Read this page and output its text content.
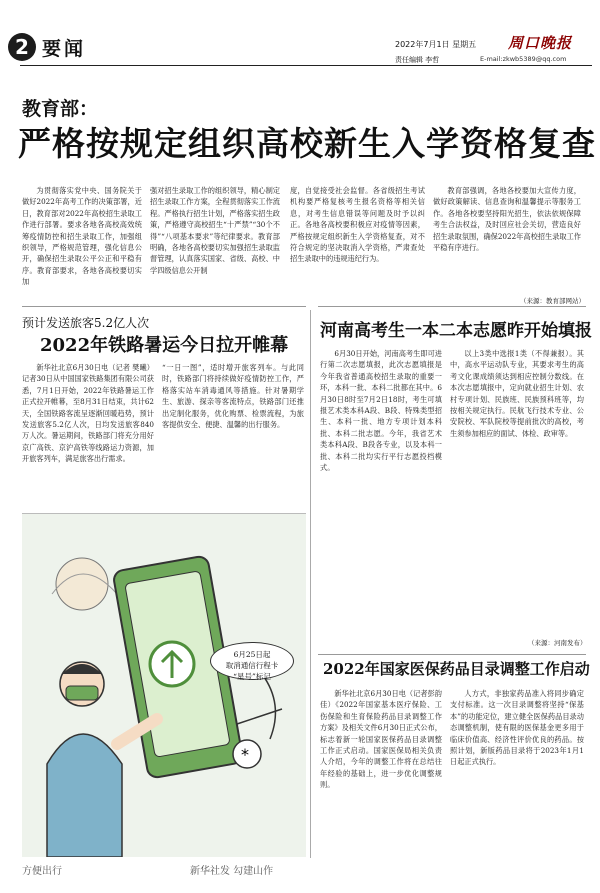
2 要闻	2022年7月1日 星期五 周口晚报
责任编辑 李哲	E-mail:zkwb5389@qq.com
教育部：
严格按规定组织高校新生入学资格复查
为贯彻落实党中央、国务院关于做好2022年高考工作的决策部署，近日，教育部对2022年高校招生录取工作进行部署。要求各地各高校高效统筹疫情防控和招生录取工作，加强组织领导，严格规范管理，强化信息公开，确保招生录取公平公正和平稳有序。教育部要求，各地各高校要切实加
强对招生录取工作的组织领导，精心制定招生录取工作方案，全程贯彻落实工作流程。严格执行招生计划，严格落实招生政策，严格遵守高校招生“十严禁”“30个不得”“八项基本要求”等纪律要求。教育部明确，各地各高校要切实加强招生录取监督管理，认真落实国家、省级、高校、中学四级信息公开制
度，自觉接受社会监督。各省级招生考试机构要严格复核考生报名资格等相关信息，对考生信息错误等问题及时予以纠正。各地各高校要积极应对疫情等因素，严格按规定组织新生入学资格复查，对不符合规定的坚决取消入学资格，严肃查处招生录取中的违规违纪行为。
教育部强调，各地各校要加大宣传力度，做好政策解读、信息查询和温馨提示等服务工作。各地各校要坚持阳光招生，依法依规保障考生合法权益，及时回应社会关切，营造良好招生录取氛围，确保2022年高校招生录取工作平稳有序进行。
（来源：教育部网站）
预计发送旅客5.2亿人次
2022年铁路暑运今日拉开帷幕
新华社北京6月30日电（记者 樊曦）记者30日从中国国家铁路集团有限公司获悉，7月1日开始，2022年铁路暑运工作正式拉开帷幕，至8月31日结束，共计62天，全国铁路客流呈逐渐回暖趋势，预计发送旅客5.2亿人次，日均发送旅客840万人次。暑运期间，铁路部门将充分用好京广高铁、京沪高铁等线路运力资源，加开旅客列车，满足旅客出行需求。
“一日一图”，适时增开旅客列车。与此同时，铁路部门将持续做好疫情防控工作，严格落实站车消毒通风等措施。针对暑期学生、旅游、探亲等客流特点，铁路部门还推出定制化服务，优化购票、检票流程，为旅客提供安全、便捷、温馨的出行服务。
河南高考生一本二本志愿昨开始填报
6月30日开始，河南高考生即可进行第二次志愿填报，此次志愿填报是今年我省普通高校招生录取的重要一环，本科一批、本科二批都在其中。6月30日8时至7月2日18时，考生可填报艺术类本科A段、B段、特殊类型招生、本科一批、地方专项计划本科批、本科二批志愿。今年，我省艺术类本科A段、B段各专业，以及本科一批、本科二批均实行平行志愿投档模式。
以上3类中选报1类（不得兼报）。其中，高水平运动队专业，其要求考生的高考文化课成绩须达到相应控制分数线。在本次志愿填报中，定向就业招生计划、农村专项计划、民族班、民族预科班等，均按相关规定执行。民航飞行技术专业、公安院校、军队院校等提前批次的高校，考生须参加相应的面试、体检、政审等。
（来源：河南发布）
2022年国家医保药品目录调整工作启动
新华社北京6月30日电（记者彭韵佳）《2022年国家基本医疗保险、工伤保险和生育保险药品目录调整工作方案》及相关文件6月30日正式公布，标志着新一轮国家医保药品目录调整工作正式启动。国家医保局相关负责人介绍，今年的调整工作将在总结往年经验的基础上，进一步优化调整规则。
人方式，非独家药品准入将同步确定支付标准。这一次目录调整将坚持“保基本”的功能定位，建立健全医保药品目录动态调整机制，使有限的医保基金更多用于临床价值高、经济性评价优良的药品。按照计划，新版药品目录将于2023年1月1日起正式执行。
*
6月25日起
取消通信行程卡
“星号”标记
方便出行	新华社发 勾建山作
